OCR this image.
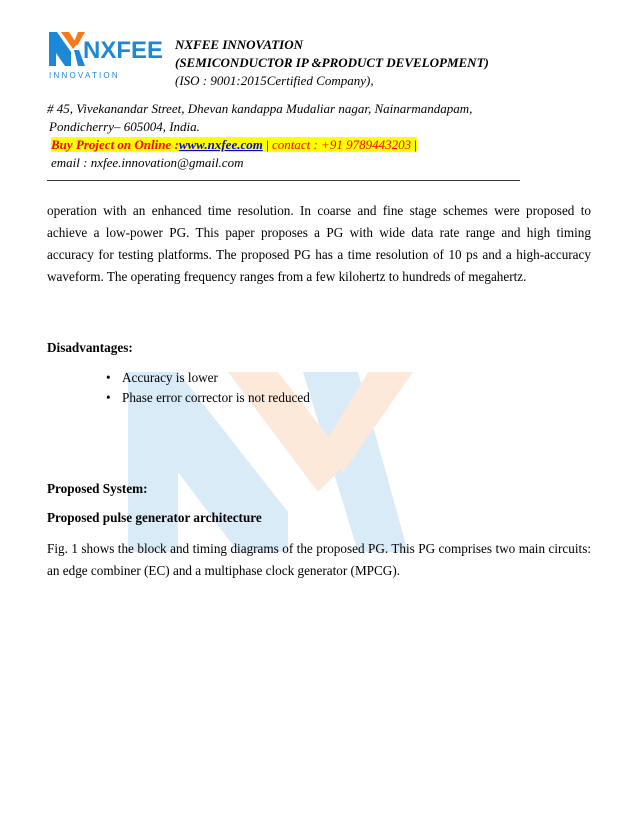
NXFEE
I N N O V A T I O N
NXFEE INNOVATION
(SEMICONDUCTOR IP &PRODUCT DEVELOPMENT)
(ISO : 9001:2015Certified Company),
# 45, Vivekanandar Street, Dhevan kandappa Mudaliar nagar, Nainarmandapam,
Pondicherry– 605004, India.
Buy Project on Online :www.nxfee.com | contact : +91 9789443203 |
email : nxfee.innovation@gmail.com
operation with an enhanced time resolution. In coarse and fine stage schemes were proposed to achieve a low-power PG. This paper proposes a PG with wide data rate range and high timing accuracy for testing platforms. The proposed PG has a time resolution of 10 ps and a high-accuracy waveform. The operating frequency ranges from a few kilohertz to hundreds of megahertz.
Disadvantages:
• Accuracy is lower
• Phase error corrector is not reduced
Proposed System:
Proposed pulse generator architecture
Fig. 1 shows the block and timing diagrams of the proposed PG. This PG comprises two main circuits: an edge combiner (EC) and a multiphase clock generator (MPCG).
